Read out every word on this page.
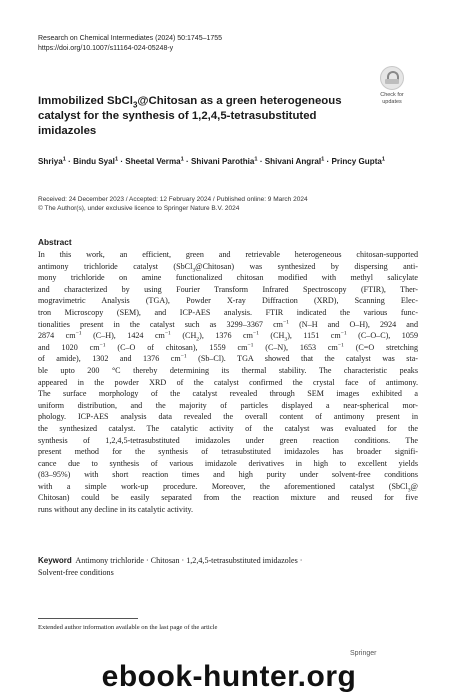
Research on Chemical Intermediates (2024) 50:1745–1755
https://doi.org/10.1007/s11164-024-05248-y
Check for
updates
Immobilized SbCl$_3$@Chitosan as a green heterogeneous
catalyst for the synthesis of 1,2,4,5‑tetrasubstituted
imidazoles
Shriya$^1$ · Bindu Syal$^1$ · Sheetal Verma$^1$ · Shivani Parothia$^1$ · Shivani Angral$^1$ · Princy Gupta$^1$
Received: 24 December 2023 / Accepted: 12 February 2024 / Published online: 9 March 2024
© The Author(s), under exclusive licence to Springer Nature B.V. 2024
Abstract
In this work, an efficient, green and retrievable heterogeneous chitosan-supported
antimony trichloride catalyst (SbCl$_3$@Chitosan) was synthesized by dispersing anti-
mony trichloride on amine functionalized chitosan modified with methyl salicylate
and characterized by using Fourier Transform Infrared Spectroscopy (FTIR), Ther-
mogravimetric Analysis (TGA), Powder X-ray Diffraction (XRD), Scanning Elec-
tron Microscopy (SEM), and ICP-AES analysis. FTIR indicated the various func-
tionalities present in the catalyst such as 3299–3367 $cm^{-1}$ (N–H and O–H), 2924 and
2874 $cm^{-1}$ (C–H), 1424 $cm^{-1}$ $(CH_2)$, 1376 $cm^{-1}$ $(CH_3)$, 1151 $cm^{-1}$ (C–O–C), 1059
and 1020 $cm^{-1}$ (C–O of chitosan), 1559 $cm^{-1}$ (C–N), 1653 $cm^{-1}$ (C=O stretching
of amide), 1302 and 1376 $cm^{-1}$ (Sb–Cl). TGA showed that the catalyst was sta-
ble upto 200 °C thereby determining its thermal stability. The characteristic peaks
appeared in the powder XRD of the catalyst confirmed the crystal face of antimony.
The surface morphology of the catalyst revealed through SEM images exhibited a
uniform distribution, and the majority of particles displayed a near-spherical mor-
phology. ICP-AES analysis data revealed the overall content of antimony present in
the synthesized catalyst. The catalytic activity of the catalyst was evaluated for the
synthesis of 1,2,4,5-tetrasubstituted imidazoles under green reaction conditions. The
present method for the synthesis of tetrasubstituted imidazoles has broader signifi-
cance due to synthesis of various imidazole derivatives in high to excellent yields
(83–95%) with short reaction times and high purity under solvent-free conditions
with a simple work-up procedure. Moreover, the aforementioned catalyst (SbCl$_3$@
Chitosan) could be easily separated from the reaction mixture and reused for five
runs without any decline in its catalytic activity.
Keyword Antimony trichloride · Chitosan · 1,2,4,5-tetrasubstituted imidazoles ·
Solvent-free conditions
Extended author information available on the last page of the article
Springer
ebook-hunter.org
